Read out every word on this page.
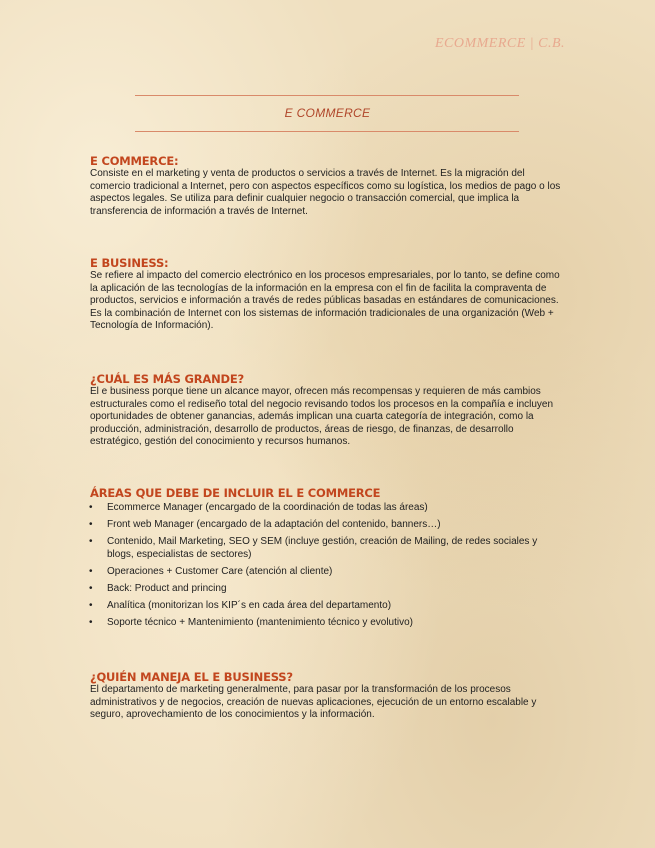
ECOMMERCE | C.B.
E COMMERCE
E COMMERCE:

Consiste en el marketing y venta de productos o servicios a través de Internet. Es la migración del comercio tradicional a Internet, pero con aspectos específicos como su logística, los medios de pago o los aspectos legales. Se utiliza para definir cualquier negocio o transacción comercial, que implica la transferencia de información a través de Internet.

E BUSINESS:

Se refiere al impacto del comercio electrónico en los procesos empresariales, por lo tanto, se define como la aplicación de las tecnologías de la información en la empresa con el fin de facilita la compraventa de productos, servicios e información a través de redes públicas basadas en estándares de comunicaciones. Es la combinación de Internet con los sistemas de información tradicionales de una organización (Web + Tecnología de Información).

¿CUÁL ES MÁS GRANDE?

El e business porque tiene un alcance mayor, ofrecen más recompensas y requieren de más cambios estructurales como el rediseño total del negocio revisando todos los procesos en la compañía e incluyen oportunidades de obtener ganancias, además implican una cuarta categoría de integración, como la producción, administración, desarrollo de productos, áreas de riesgo, de finanzas, de desarrollo estratégico, gestión del conocimiento y recursos humanos.

ÁREAS QUE DEBE DE INCLUIR EL E COMMERCE
• Ecommerce Manager (encargado de la coordinación de todas las áreas)
• Front web Manager (encargado de la adaptación del contenido, banners…)
• Contenido, Mail Marketing, SEO y SEM (incluye gestión, creación de Mailing, de redes sociales y blogs, especialistas de sectores)
• Operaciones + Customer Care (atención al cliente)
• Back: Product and princing
• Analítica (monitorizan los KIP´s en cada área del departamento)
• Soporte técnico + Mantenimiento (mantenimiento técnico y evolutivo)
¿QUIÉN MANEJA EL E BUSINESS?

El departamento de marketing generalmente, para pasar por la transformación de los procesos administrativos y de negocios, creación de nuevas aplicaciones, ejecución de un entorno escalable y seguro, aprovechamiento de los conocimientos y la información.
